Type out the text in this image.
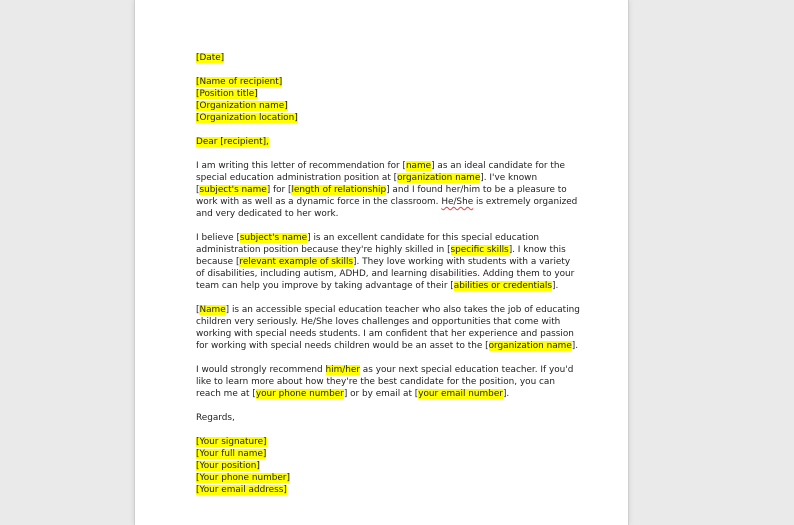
[Date]

[Name of recipient]
[Position title]
[Organization name]
[Organization location]

Dear [recipient],

I am writing this letter of recommendation for [name] as an ideal candidate for the special education administration position at [organization name]. I've known [subject's name] for [length of relationship] and I found her/him to be a pleasure to work with as well as a dynamic force in the classroom. He/She is extremely organized and very dedicated to her work.

I believe [subject's name] is an excellent candidate for this special education administration position because they're highly skilled in [specific skills]. I know this because [relevant example of skills]. They love working with students with a variety of disabilities, including autism, ADHD, and learning disabilities. Adding them to your team can help you improve by taking advantage of their [abilities or credentials].

[Name] is an accessible special education teacher who also takes the job of educating children very seriously. He/She loves challenges and opportunities that come with working with special needs students. I am confident that her experience and passion for working with special needs children would be an asset to the [organization name].

I would strongly recommend him/her as your next special education teacher. If you'd like to learn more about how they're the best candidate for the position, you can reach me at [your phone number] or by email at [your email number].

Regards,

[Your signature]
[Your full name]
[Your position]
[Your phone number]
[Your email address]
